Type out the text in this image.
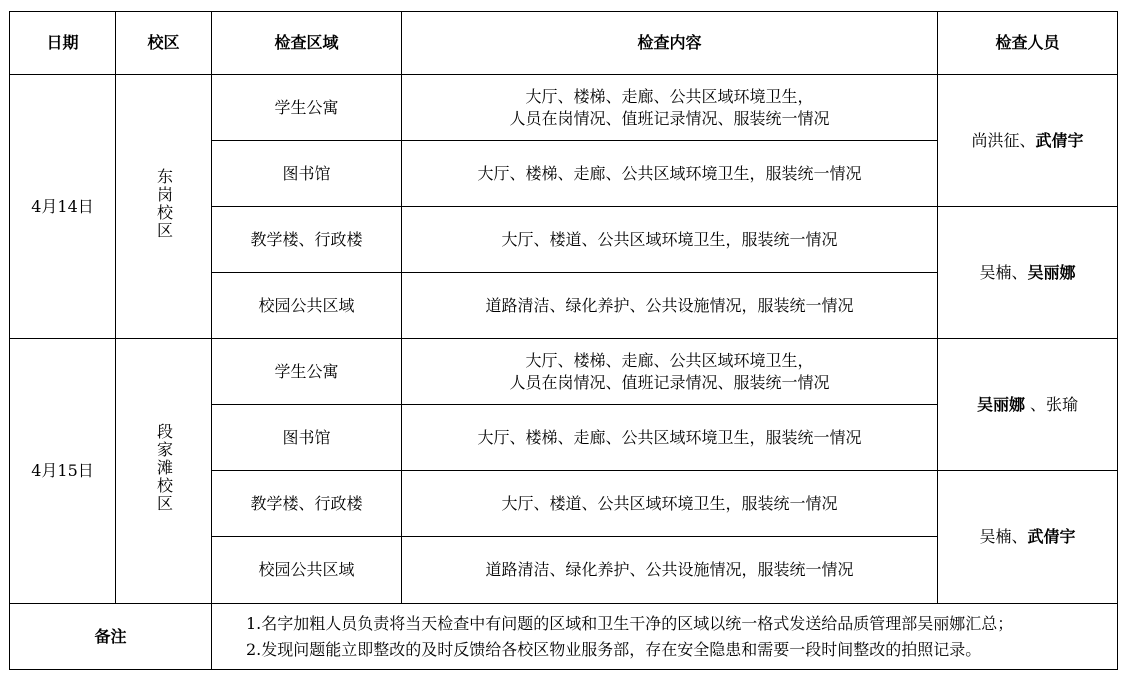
日期	校区	检查区域	检查内容	检查人员
4月14日	东岗校区	学生公寓	大厅、楼梯、走廊、公共区域环境卫生，
人员在岗情况、值班记录情况、服装统一情况	尚洪征、武倩宇
		图书馆	大厅、楼梯、走廊、公共区域环境卫生，服装统一情况	
		教学楼、行政楼	大厅、楼道、公共区域环境卫生，服装统一情况	吴楠、吴丽娜
		校园公共区域	道路清洁、绿化养护、公共设施情况，服装统一情况	
4月15日	段家滩校区	学生公寓	大厅、楼梯、走廊、公共区域环境卫生，
人员在岗情况、值班记录情况、服装统一情况	吴丽娜 、张瑜
		图书馆	大厅、楼梯、走廊、公共区域环境卫生，服装统一情况	
		教学楼、行政楼	大厅、楼道、公共区域环境卫生，服装统一情况	吴楠、武倩宇
		校园公共区域	道路清洁、绿化养护、公共设施情况，服装统一情况	
备注		1.名字加粗人员负责将当天检查中有问题的区域和卫生干净的区域以统一格式发送给品质管理部吴丽娜汇总；
2.发现问题能立即整改的及时反馈给各校区物业服务部，存在安全隐患和需要一段时间整改的拍照记录。		
